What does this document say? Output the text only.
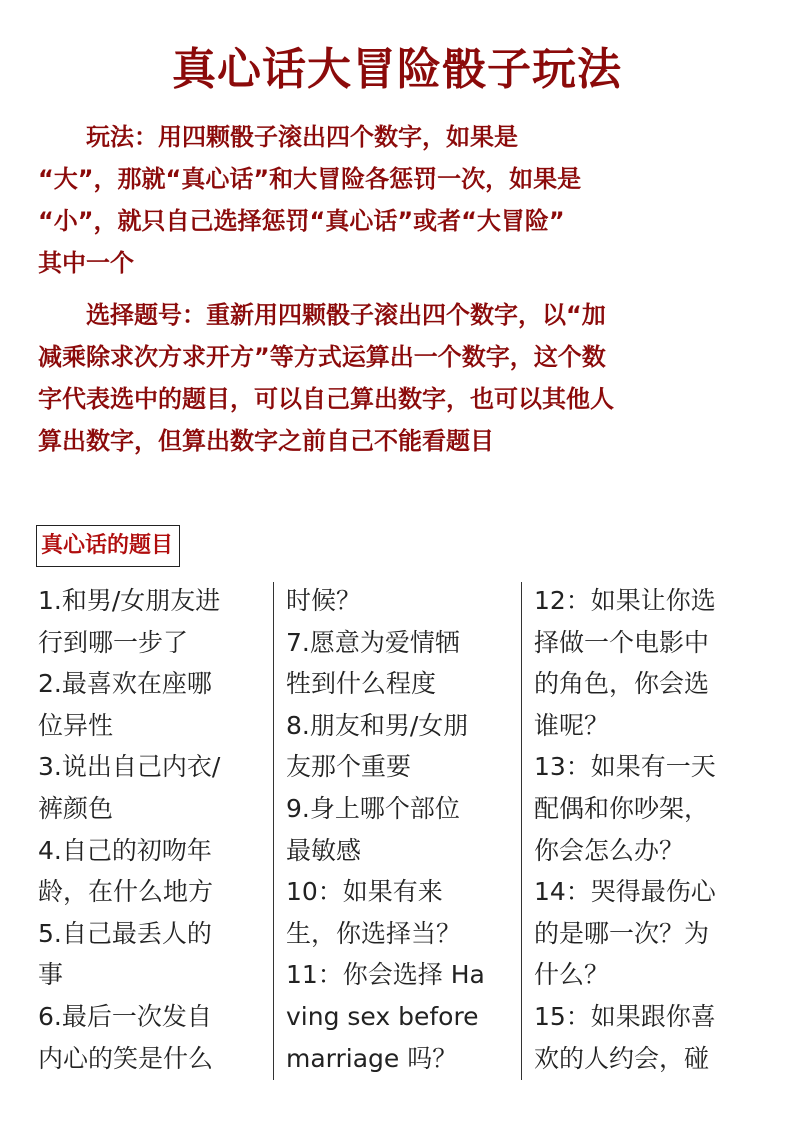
真心话大冒险骰子玩法
　　玩法：用四颗骰子滚出四个数字，如果是
“大”，那就“真心话”和大冒险各惩罚一次，如果是
“小”，就只自己选择惩罚“真心话”或者“大冒险”
其中一个
　　选择题号：重新用四颗骰子滚出四个数字，以“加
减乘除求次方求开方”等方式运算出一个数字，这个数
字代表选中的题目，可以自己算出数字，也可以其他人
算出数字，但算出数字之前自己不能看题目
真心话的题目
1.和男/女朋友进
行到哪一步了
2.最喜欢在座哪
位异性
3.说出自己内衣/
裤颜色
4.自己的初吻年
龄，在什么地方
5.自己最丢人的
事
6.最后一次发自
内心的笑是什么
时候？
7.愿意为爱情牺
牲到什么程度
8.朋友和男/女朋
友那个重要
9.身上哪个部位
最敏感
10：如果有来
生，你选择当？
11：你会选择 Ha
ving sex before
marriage 吗？
12：如果让你选
择做一个电影中
的角色，你会选
谁呢？
13：如果有一天
配偶和你吵架，
你会怎么办？
14：哭得最伤心
的是哪一次？为
什么？
15：如果跟你喜
欢的人约会，碰
